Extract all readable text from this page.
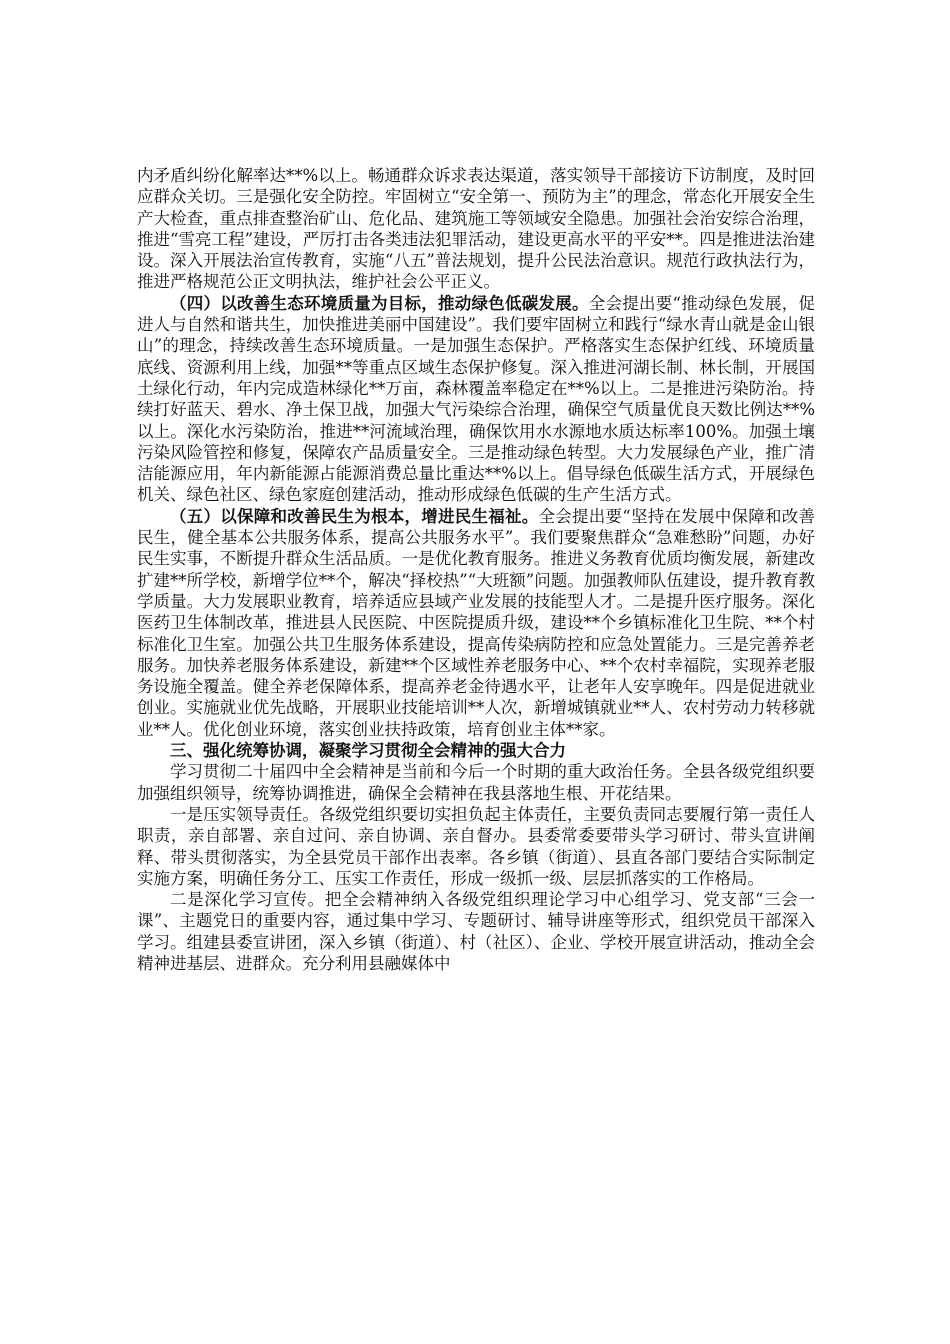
内矛盾纠纷化解率达**%以上。畅通群众诉求表达渠道，落实领导干部接访下访制度，及时回应群众关切。三是强化安全防控。牢固树立“安全第一、预防为主”的理念，常态化开展安全生产大检查，重点排查整治矿山、危化品、建筑施工等领域安全隐患。加强社会治安综合治理，推进“雪亮工程”建设，严厉打击各类违法犯罪活动，建设更高水平的平安**。四是推进法治建设。深入开展法治宣传教育，实施“八五”普法规划，提升公民法治意识。规范行政执法行为，推进严格规范公正文明执法，维护社会公平正义。

（四）以改善生态环境质量为目标，推动绿色低碳发展。全会提出要“推动绿色发展，促进人与自然和谐共生，加快推进美丽中国建设”。我们要牢固树立和践行“绿水青山就是金山银山”的理念，持续改善生态环境质量。一是加强生态保护。严格落实生态保护红线、环境质量底线、资源利用上线，加强**等重点区域生态保护修复。深入推进河湖长制、林长制，开展国土绿化行动，年内完成造林绿化**万亩，森林覆盖率稳定在**%以上。二是推进污染防治。持续打好蓝天、碧水、净土保卫战，加强大气污染综合治理，确保空气质量优良天数比例达**%以上。深化水污染防治，推进**河流域治理，确保饮用水水源地水质达标率100%。加强土壤污染风险管控和修复，保障农产品质量安全。三是推动绿色转型。大力发展绿色产业，推广清洁能源应用，年内新能源占能源消费总量比重达**%以上。倡导绿色低碳生活方式，开展绿色机关、绿色社区、绿色家庭创建活动，推动形成绿色低碳的生产生活方式。

（五）以保障和改善民生为根本，增进民生福祉。全会提出要“坚持在发展中保障和改善民生，健全基本公共服务体系，提高公共服务水平”。我们要聚焦群众“急难愁盼”问题，办好民生实事，不断提升群众生活品质。一是优化教育服务。推进义务教育优质均衡发展，新建改扩建**所学校，新增学位**个，解决“择校热”“大班额”问题。加强教师队伍建设，提升教育教学质量。大力发展职业教育，培养适应县域产业发展的技能型人才。二是提升医疗服务。深化医药卫生体制改革，推进县人民医院、中医院提质升级，建设**个乡镇标准化卫生院、**个村标准化卫生室。加强公共卫生服务体系建设，提高传染病防控和应急处置能力。三是完善养老服务。加快养老服务体系建设，新建**个区域性养老服务中心、**个农村幸福院，实现养老服务设施全覆盖。健全养老保障体系，提高养老金待遇水平，让老年人安享晚年。四是促进就业创业。实施就业优先战略，开展职业技能培训**人次，新增城镇就业**人、农村劳动力转移就业**人。优化创业环境，落实创业扶持政策，培育创业主体**家。

三、强化统筹协调，凝聚学习贯彻全会精神的强大合力

学习贯彻二十届四中全会精神是当前和今后一个时期的重大政治任务。全县各级党组织要加强组织领导，统筹协调推进，确保全会精神在我县落地生根、开花结果。

一是压实领导责任。各级党组织要切实担负起主体责任，主要负责同志要履行第一责任人职责，亲自部署、亲自过问、亲自协调、亲自督办。县委常委要带头学习研讨、带头宣讲阐释、带头贯彻落实，为全县党员干部作出表率。各乡镇（街道）、县直各部门要结合实际制定实施方案，明确任务分工、压实工作责任，形成一级抓一级、层层抓落实的工作格局。

二是深化学习宣传。把全会精神纳入各级党组织理论学习中心组学习、党支部“三会一课”、主题党日的重要内容，通过集中学习、专题研讨、辅导讲座等形式，组织党员干部深入学习。组建县委宣讲团，深入乡镇（街道）、村（社区）、企业、学校开展宣讲活动，推动全会精神进基层、进群众。充分利用县融媒体中
